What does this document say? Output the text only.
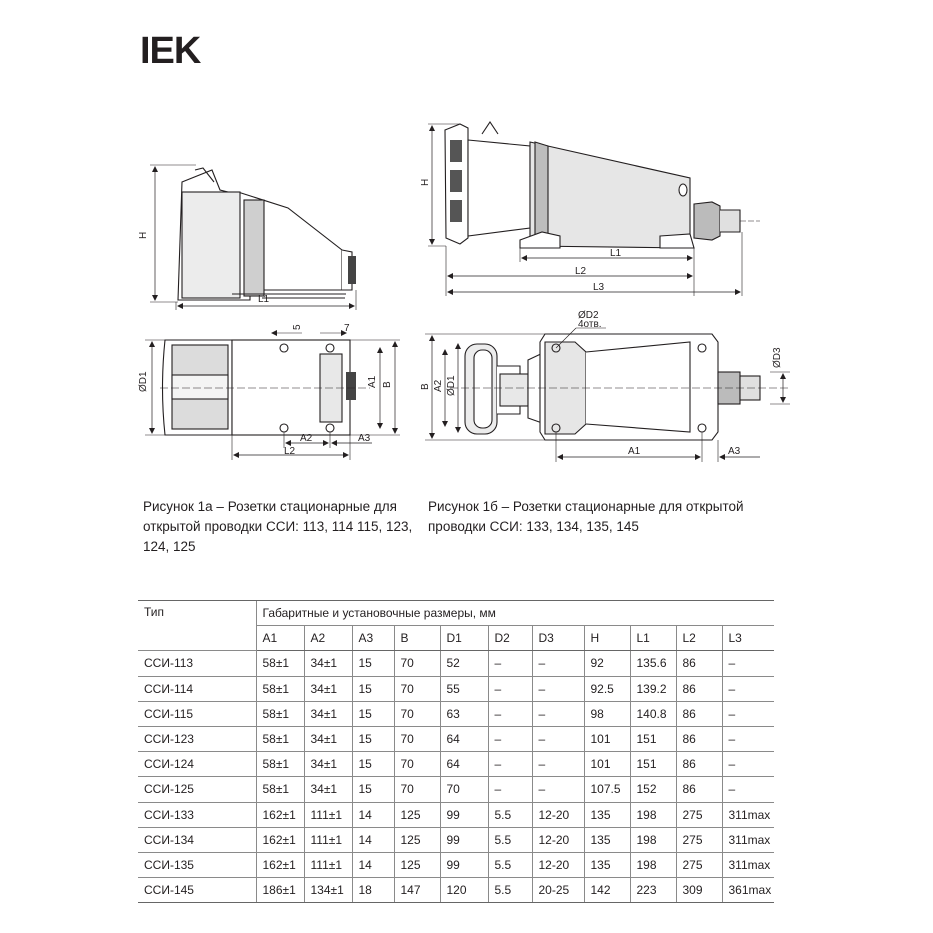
IEK
H
L1
ØD1	A1 B
5	7
A2	A3
L2
H
L1
L2
L3
ØD2
4отв.
ØD3
B A2 ØD1
A1	A3
Рисунок 1а – Розетки стационарные для открытой проводки ССИ: 113, 114 115, 123, 124, 125
Рисунок 1б – Розетки стационарные для открытой проводки ССИ: 133, 134, 135, 145
Тип	Габаритные и установочные размеры, мм										
	A1	A2	A3	B	D1	D2	D3	H	L1	L2	L3
ССИ-113	58±1	34±1	15	70	52	–	–	92	135.6	86	–
ССИ-114	58±1	34±1	15	70	55	–	–	92.5	139.2	86	–
ССИ-115	58±1	34±1	15	70	63	–	–	98	140.8	86	–
ССИ-123	58±1	34±1	15	70	64	–	–	101	151	86	–
ССИ-124	58±1	34±1	15	70	64	–	–	101	151	86	–
ССИ-125	58±1	34±1	15	70	70	–	–	107.5	152	86	–
ССИ-133	162±1	111±1	14	125	99	5.5	12-20	135	198	275	311max
ССИ-134	162±1	111±1	14	125	99	5.5	12-20	135	198	275	311max
ССИ-135	162±1	111±1	14	125	99	5.5	12-20	135	198	275	311max
ССИ-145	186±1	134±1	18	147	120	5.5	20-25	142	223	309	361max
